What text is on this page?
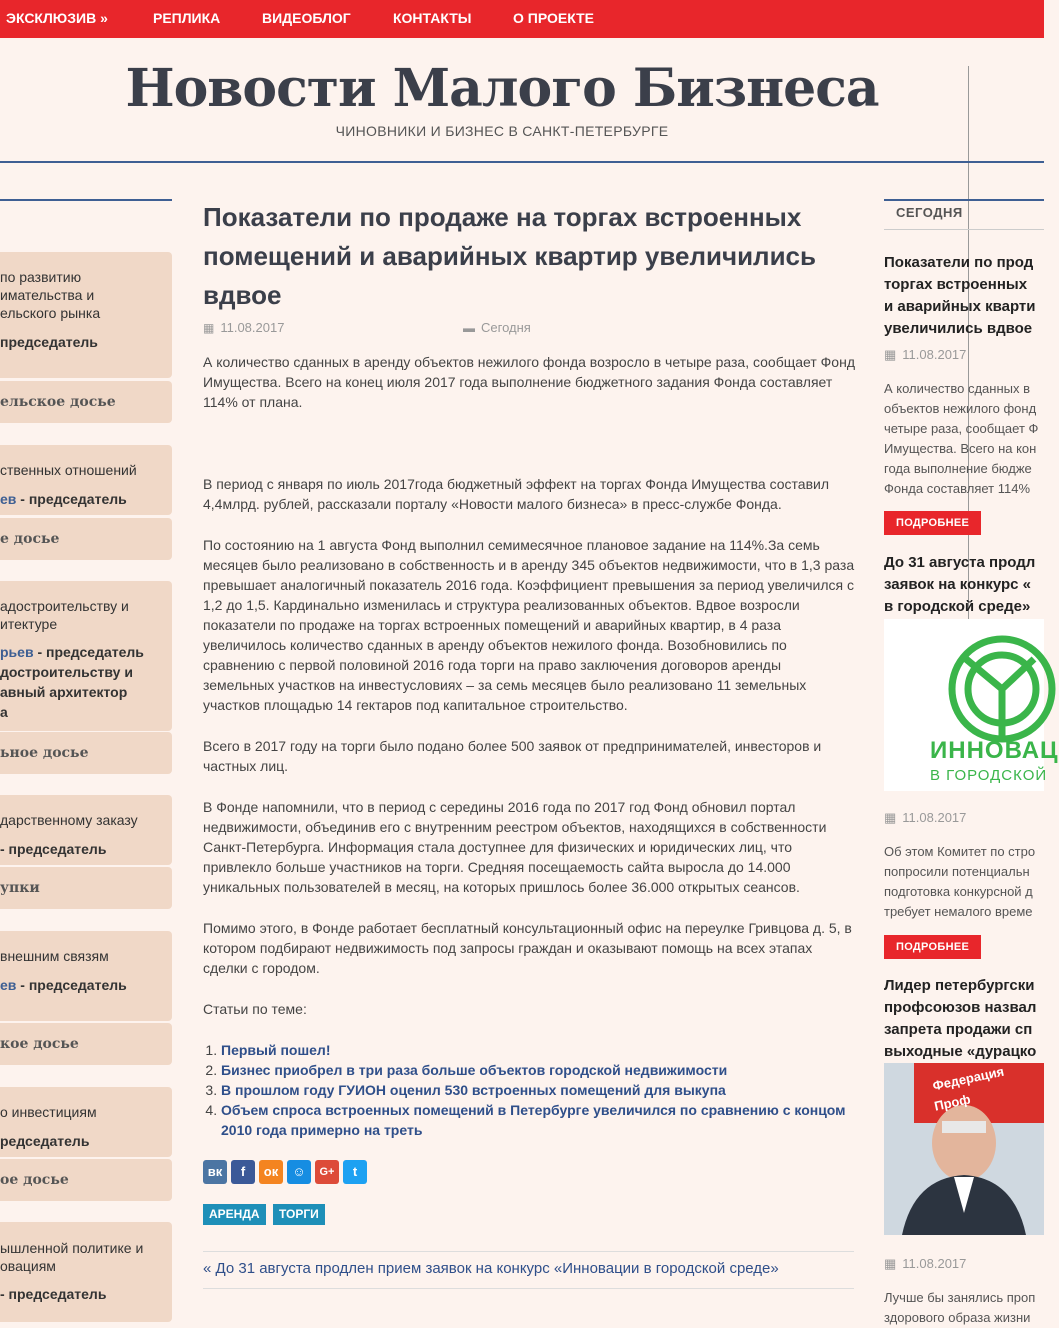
ЭКСКЛЮЗИВ »	РЕПЛИКА	ВИДЕОБЛОГ	КОНТАКТЫ	О ПРОЕКТЕ
Новости Малого Бизнеса
ЧИНОВНИКИ И БИЗНЕС В САНКТ-ПЕТЕРБУРГЕ
по развитию
имательства и
ельского рынка
председатель
ельское досье
ственных отношений
ев - председатель
е досье
адостроительству и
итектуре
рьев - председатель
достроительству и
авный архитектор
а
ьное досье
дарственному заказу
- председатель
упки
внешним связям
ев - председатель
кое досье
о инвестициям
редседатель
ое досье
ышленной политике и
овациям
- председатель
Показатели по продаже на торгах встроенных помещений и аварийных квартир увеличились вдвое
▦ 11.08.2017	▬ Сегодня
А количество сданных в аренду объектов нежилого фонда возросло в четыре раза, сообщает Фонд Имущества. Всего на конец июля 2017 года выполнение бюджетного задания Фонда составляет 114% от плана.
В период с января по июль 2017года бюджетный эффект на торгах Фонда Имущества составил 4,4млрд. рублей, рассказали порталу «Новости малого бизнеса» в пресс-службе Фонда.
По состоянию на 1 августа Фонд выполнил семимесячное плановое задание на 114%.За семь месяцев было реализовано в собственность и в аренду 345 объектов недвижимости, что в 1,3 раза превышает аналогичный показатель 2016 года. Коэффициент превышения за период увеличился с 1,2 до 1,5. Кардинально изменилась и структура реализованных объектов. Вдвое возросли показатели по продаже на торгах встроенных помещений и аварийных квартир, в 4 раза увеличилось количество сданных в аренду объектов нежилого фонда. Возобновились по сравнению с первой половиной 2016 года торги на право заключения договоров аренды земельных участков на инвестусловиях – за семь месяцев было реализовано 11 земельных участков площадью 14 гектаров под капитальное строительство.
Всего в 2017 году на торги было подано более 500 заявок от предпринимателей, инвесторов и частных лиц.
В Фонде напомнили, что в период с середины 2016 года по 2017 год Фонд обновил портал недвижимости, объединив его с внутренним реестром объектов, находящихся в собственности Санкт-Петербурга. Информация стала доступнее для физических и юридических лиц, что привлекло больше участников на торги. Средняя посещаемость сайта выросла до 14.000 уникальных пользователей в месяц, на которых пришлось более 36.000 открытых сеансов.
Помимо этого, в Фонде работает бесплатный консультационный офис на переулке Гривцова д. 5, в котором подбирают недвижимость под запросы граждан и оказывают помощь на всех этапах сделки с городом.
Статьи по теме:
1. Первый пошел!
2. Бизнес приобрел в три раза больше объектов городской недвижимости
3. В прошлом году ГУИОН оценил 530 встроенных помещений для выкупа
4. Объем спроса встроенных помещений в Петербурге увеличился по сравнению с концом 2010 года примерно на треть
вк	f	ок	☺	G+	t
АРЕНДА	ТОРГИ
« До 31 августа продлен прием заявок на конкурс «Инновации в городской среде»
СЕГОДНЯ
Показатели по прод
торгах встроенных
и аварийных кварти
увеличились вдвое
▦ 11.08.2017
А количество сданных в
объектов нежилого фонд
четыре раза, сообщает Ф
Имущества. Всего на кон
года выполнение бюдже
Фонда составляет 114%
ПОДРОБНЕЕ
До 31 августа продл
заявок на конкурс «
в городской среде»
ИННОВАЦ
В ГОРОДСКОЙ
▦ 11.08.2017
Об этом Комитет по стро
попросили потенциальн
подготовка конкурсной д
требует немалого време
ПОДРОБНЕЕ
Лидер петербургски
профсоюзов назвал
запрета продажи сп
выходные «дурацко
Федерация
Проф
▦ 11.08.2017
Лучше бы занялись проп
здорового образа жизни
